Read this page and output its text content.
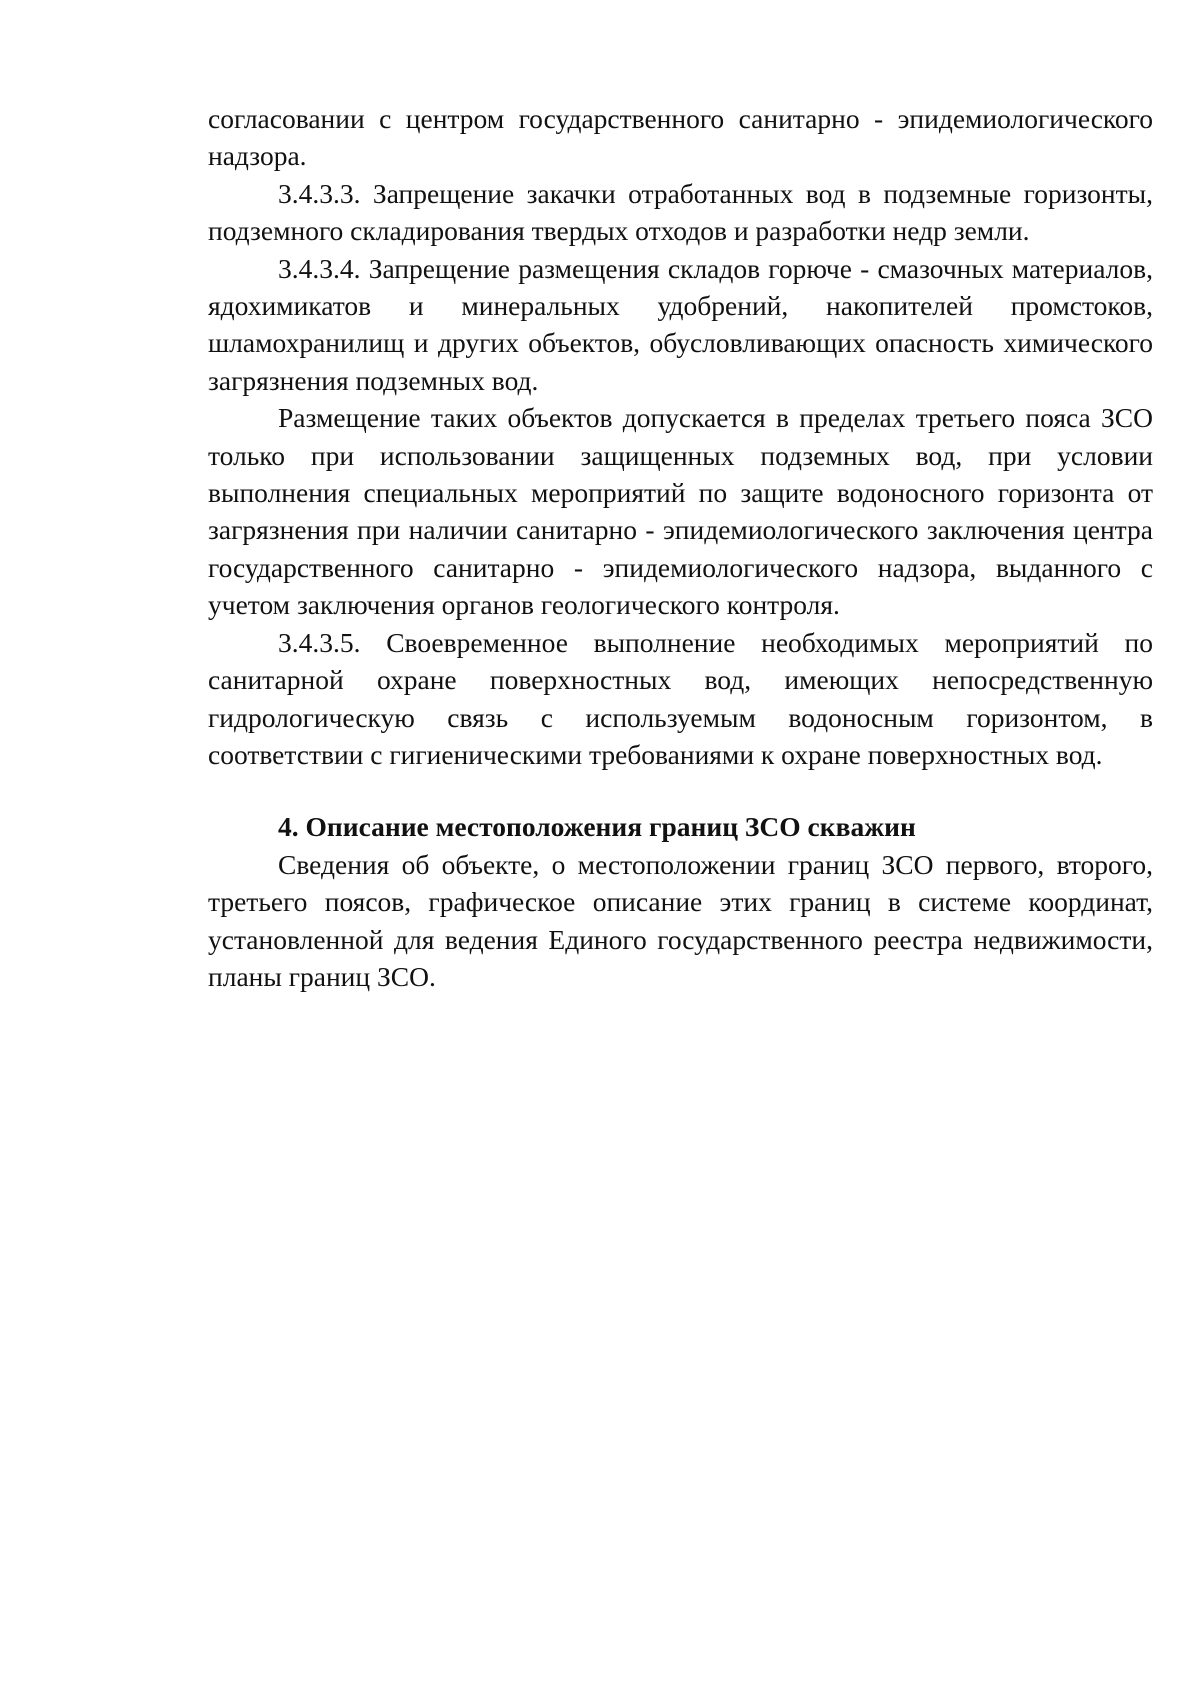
согласовании с центром государственного санитарно - эпидемиологического надзора.

3.4.3.3. Запрещение закачки отработанных вод в подземные горизонты, подземного складирования твердых отходов и разработки недр земли.

3.4.3.4. Запрещение размещения складов горюче - смазочных материалов, ядохимикатов и минеральных удобрений, накопителей промстоков, шламохранилищ и других объектов, обусловливающих опасность химического загрязнения подземных вод.

Размещение таких объектов допускается в пределах третьего пояса ЗСО только при использовании защищенных подземных вод, при условии выполнения специальных мероприятий по защите водоносного горизонта от загрязнения при наличии санитарно - эпидемиологического заключения центра государственного санитарно - эпидемиологического надзора, выданного с учетом заключения органов геологического контроля.

3.4.3.5. Своевременное выполнение необходимых мероприятий по санитарной охране поверхностных вод, имеющих непосредственную гидрологическую связь с используемым водоносным горизонтом, в соответствии с гигиеническими требованиями к охране поверхностных вод.

4. Описание местоположения границ ЗСО скважин

Сведения об объекте, о местоположении границ ЗСО первого, второго, третьего поясов, графическое описание этих границ в системе координат, установленной для ведения Единого государственного реестра недвижимости, планы границ ЗСО.
